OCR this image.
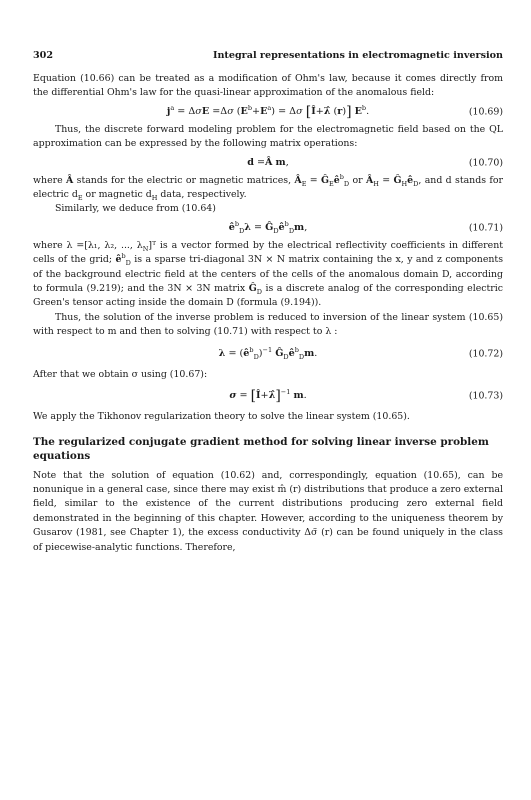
302	Integral representations in electromagnetic inversion

Equation (10.66) can be treated as a modification of Ohm's law, because it comes directly from the differential Ohm's law for the quasi-linear approximation of the anomalous field:

$j^a = \Delta\sigma E =\Delta\sigma$ $(E^b+E^a) = \Delta\sigma$ [Î+λ̂ (r)] $E^b$.	(10.69)

Thus, the discrete forward modeling problem for the electromagnetic field based on the QL approximation can be expressed by the following matrix operations:

d =Â m,	(10.70)

where Â stands for the electric or magnetic matrices, $Â_E$ = $Ĝ_Eê^b_D$ or $Â_H$ = $Ĝ_Hê_D$, and d stands for electric $d_E$ or magnetic $d_H$ data, respectively.

Similarly, we deduce from (10.64)

$ê^b_D\lambda$ = $Ĝ_Dê^b_Dm$,	(10.71)

where λ =[λ₁, λ₂, ..., $\lambda_N]ᵀ$ is a vector formed by the electrical reflectivity coefficients in different cells of the grid; $ê^b_D$ is a sparse tri-diagonal 3N × N matrix containing the x, y and z components of the background electric field at the centers of the cells of the anomalous domain D, according to formula (9.219); and the 3N × 3N matrix $Ĝ_D$ is a discrete analog of the corresponding electric Green's tensor acting inside the domain D (formula (9.194)).

Thus, the solution of the inverse problem is reduced to inversion of the linear system (10.65) with respect to m and then to solving (10.71) with respect to λ :

$\lambda = (ê^b_D)^{-1}$ $Ĝ_Dê^b_Dm$.	(10.72)

After that we obtain σ using (10.67):

σ = [Î+λ̂]$^{-1}$ m.	(10.73)

We apply the Tikhonov regularization theory to solve the linear system (10.65).

The regularized conjugate gradient method for solving linear inverse problem equations

Note that the solution of equation (10.62) and, correspondingly, equation (10.65), can be nonunique in a general case, since there may exist m̂ (r) distributions that produce a zero external field, similar to the existence of the current distributions producing zero external field demonstrated in the beginning of this chapter. However, according to the uniqueness theorem by Gusarov (1981, see Chapter 1), the excess conductivity Δσ̃ (r) can be found uniquely in the class of piecewise-analytic functions. Therefore,
